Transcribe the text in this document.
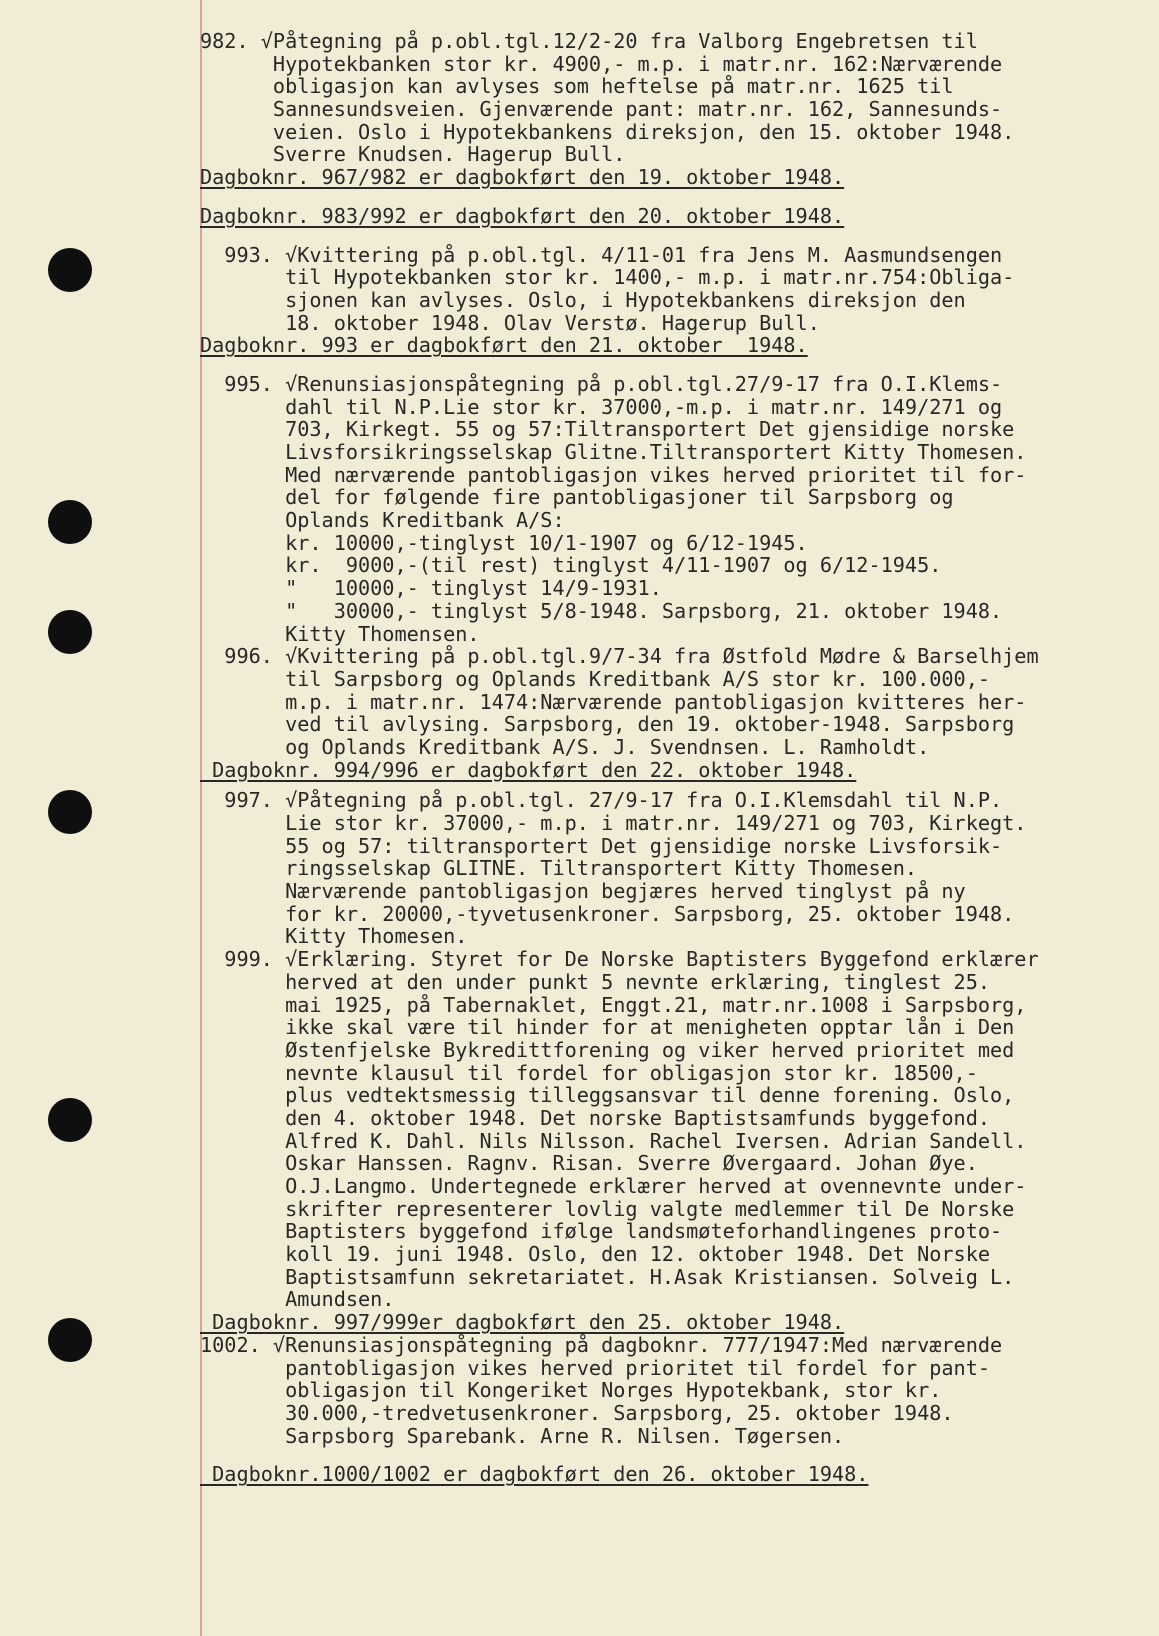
982. √Påtegning på p.obl.tgl.12/2-20 fra Valborg Engebretsen til
Hypotekbanken stor kr. 4900,- m.p. i matr.nr. 162:Nærværende
obligasjon kan avlyses som heftelse på matr.nr. 1625 til
Sannesundsveien. Gjenværende pant: matr.nr. 162, Sannesunds-
veien. Oslo i Hypotekbankens direksjon, den 15. oktober 1948.
Sverre Knudsen. Hagerup Bull.
Dagboknr. 967/982 er dagbokført den 19. oktober 1948.
Dagboknr. 983/992 er dagbokført den 20. oktober 1948.
993. √Kvittering på p.obl.tgl. 4/11-01 fra Jens M. Aasmundsengen
til Hypotekbanken stor kr. 1400,- m.p. i matr.nr.754:Obliga-
sjonen kan avlyses. Oslo, i Hypotekbankens direksjon den
18. oktober 1948. Olav Verstø. Hagerup Bull.
Dagboknr. 993 er dagbokført den 21. oktober  1948.
995. √Renunsiasjonspåtegning på p.obl.tgl.27/9-17 fra O.I.Klems-
dahl til N.P.Lie stor kr. 37000,-m.p. i matr.nr. 149/271 og
703, Kirkegt. 55 og 57:Tiltransportert Det gjensidige norske
Livsforsikringsselskap Glitne.Tiltransportert Kitty Thomesen.
Med nærværende pantobligasjon vikes herved prioritet til for-
del for følgende fire pantobligasjoner til Sarpsborg og
Oplands Kreditbank A/S:
kr. 10000,-tinglyst 10/1-1907 og 6/12-1945.
kr.  9000,-(til rest) tinglyst 4/11-1907 og 6/12-1945.
"   10000,- tinglyst 14/9-1931.
"   30000,- tinglyst 5/8-1948. Sarpsborg, 21. oktober 1948.
Kitty Thomensen.
996. √Kvittering på p.obl.tgl.9/7-34 fra Østfold Mødre & Barselhjem
til Sarpsborg og Oplands Kreditbank A/S stor kr. 100.000,-
m.p. i matr.nr. 1474:Nærværende pantobligasjon kvitteres her-
ved til avlysing. Sarpsborg, den 19. oktober-1948. Sarpsborg
og Oplands Kreditbank A/S. J. Svendnsen. L. Ramholdt.
Dagboknr. 994/996 er dagbokført den 22. oktober 1948.
997. √Påtegning på p.obl.tgl. 27/9-17 fra O.I.Klemsdahl til N.P.
Lie stor kr. 37000,- m.p. i matr.nr. 149/271 og 703, Kirkegt.
55 og 57: tiltransportert Det gjensidige norske Livsforsik-
ringsselskap GLITNE. Tiltransportert Kitty Thomesen.
Nærværende pantobligasjon begjæres herved tinglyst på ny
for kr. 20000,-tyvetusenkroner. Sarpsborg, 25. oktober 1948.
Kitty Thomesen.
999. √Erklæring. Styret for De Norske Baptisters Byggefond erklærer
herved at den under punkt 5 nevnte erklæring, tinglest 25.
mai 1925, på Tabernaklet, Enggt.21, matr.nr.1008 i Sarpsborg,
ikke skal være til hinder for at menigheten opptar lån i Den
Østenfjelske Bykredittforening og viker herved prioritet med
nevnte klausul til fordel for obligasjon stor kr. 18500,-
plus vedtektsmessig tilleggsansvar til denne forening. Oslo,
den 4. oktober 1948. Det norske Baptistsamfunds byggefond.
Alfred K. Dahl. Nils Nilsson. Rachel Iversen. Adrian Sandell.
Oskar Hanssen. Ragnv. Risan. Sverre Øvergaard. Johan Øye.
O.J.Langmo. Undertegnede erklærer herved at ovennevnte under-
skrifter representerer lovlig valgte medlemmer til De Norske
Baptisters byggefond ifølge landsmøteforhandlingenes proto-
koll 19. juni 1948. Oslo, den 12. oktober 1948. Det Norske
Baptistsamfunn sekretariatet. H.Asak Kristiansen. Solveig L.
Amundsen.
Dagboknr. 997/999er dagbokført den 25. oktober 1948.
1002. √Renunsiasjonspåtegning på dagboknr. 777/1947:Med nærværende
pantobligasjon vikes herved prioritet til fordel for pant-
obligasjon til Kongeriket Norges Hypotekbank, stor kr.
30.000,-tredvetusenkroner. Sarpsborg, 25. oktober 1948.
Sarpsborg Sparebank. Arne R. Nilsen. Tøgersen.
Dagboknr.1000/1002 er dagbokført den 26. oktober 1948.
